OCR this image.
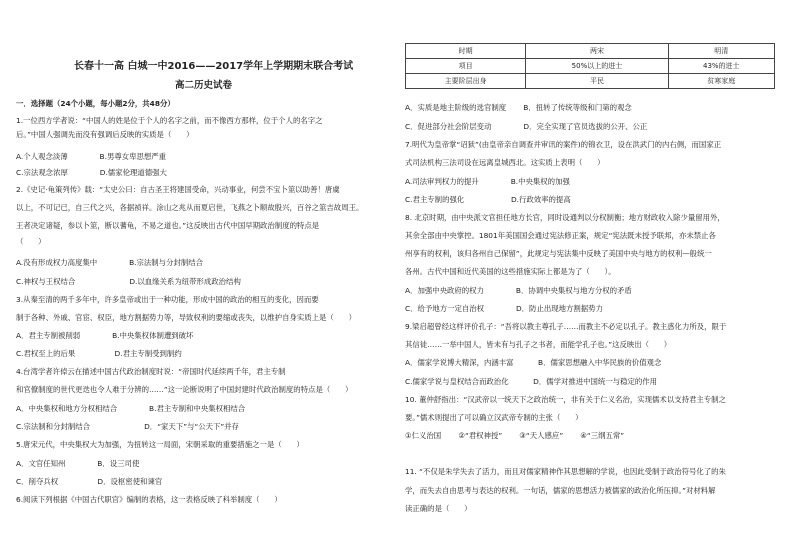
长春十一高 白城一中2016——2017学年上学期期末联合考试
高二历史试卷
一．选择题（24个小题，每小题2分，共48分）
1.一位西方学者说：“中国人的姓是位于个人的名字之前，而不像西方那样，位于个人的名字之
后。”中国人强调先而没有强调后反映的实质是（　　）
A.个人观念淡薄　　　　 B.男尊女卑思想严重
C.宗法观念浓厚　　　　 D.儒家伦理道德强大
2.《史记·龟策列传》载：“太史公曰：自古圣王将建国受命，兴动事业，何尝不宝卜筮以助善！唐虞
以上，不可记已，自三代之兴，各据祯祥。涂山之兆从而夏启世，飞燕之卜顺故殷兴，百谷之筮吉故周王。
王者决定诸疑，参以卜筮，断以蓍龟，不易之道也。”这反映出古代中国早期政治制度的特点是
（　　）
A.没有形成权力高度集中　　　　 B.宗法制与分封制结合
C.神权与王权结合　　　　　　　 D.以血缘关系为纽带形成政治结构
3.从秦至清的两千多年中，许多皇帝或出于一种功能，形成中国的政治的相互的变化，因而要
制于各种、外戚、官宦、权臣，地方割据势力等，导致权利的要缩或丧失，以维护自身实质上是（　　）
A．君主专制被削弱　　　　 B.中央集权体制遭到破坏
C.君权至上的后果　　　　　 D.君主专制受到制约
4.台湾学者许倬云在描述中国古代政治制度时说：“帝国时代延续两千年，君主专制
和官僚制度的世代更迭也令人难于分辨的……”这一论断说明了中国封建时代政治制度的特点是（　　）
A．中央集权和地方分权相结合　　　　 B.君主专制和中央集权相结合
C.宗法制和分封制结合　　　　　　　 D．“家天下”与“公天下”并存
5.唐宋元代，中央集权大为加强，为扭转这一局面，宋朝采取的重要措施之一是（　　）
A．文官任知州　　　　 B．设三司使
C．削夺兵权　　　　　 D．设枢密使和谏官
6.阅读下列根据《中国古代职官》编制的表格，这一表格反映了科举制度（　　）
时期	两宋	明清
项目	50%以上的进士	43%的进士
主要阶层出身	平民	贫寒家庭
A．实质是地主阶级的选官制度　　 B．扭转了传统等级和门第的观念
C．促进部分社会阶层变动　　　　 D．完全实现了官员选拔的公开、公正
7.明代为皇帝掌“诏狱”(由皇帝亲自调查并审讯的案件)的锦衣卫，设在洪武门的内右侧，而国家正
式司法机构三法司设在远离皇城西北。这实质上表明（　　）
A.司法审判权力的提升　　　　 B.中央集权的加强
C.君主专制的强化　　　　　　 D.行政效率的提高
8. 北京时期，由中央派文官担任地方长官，同时设通判以分权制衡；地方财政收入除少量留用外，
其余全部由中央掌控。1801年美国国会通过宪法修正案，规定“宪法既未授予联邦，亦未禁止各
州享有的权利，该归各州自己保留”，此规定与宪法集中反映了美国中央与地方的权利—般统一
各州。古代中国和近代美国的这些措施实际上都是为了（　　）。
A．加强中央政府的权力　　　　 B．协调中央集权与地方分权的矛盾
C．给予地方一定自治权　　　　 D．防止出现地方割据势力
9.梁启超曾经这样评价孔子：“吾将以教主尊孔子……而教主不必定以孔子。教主惑化力所及，限于
其信徒……一举中国人，皆未有与孔子之书者，而能学孔子也。”这反映出（　　）
A．儒家学说博大精深，内涵丰富　　　 B．儒家思想融入中华民族的价值观念
C.儒家学说与皇权结合而政治化　　　 D．儒学对推进中国统一与稳定的作用
10. 董仲舒指出：“汉武帝以一统天下之政治统一，非有关于仁义名治，实现儒术以支持君主专制之
要。”儒术则提出了可以确立汉武帝专制的主张（　　）
①仁义治国　　 ②“君权神授”　　 ③“天人感应”　　 ④“三纲五常”
11. “不仅是朱学失去了活力，而且对儒家精神作其思想解的学说，也因此受制于政治符号化了的朱
学，而失去自由思考与表达的权利。一句话，儒家的思想活力被儒家的政治化所压抑。”对材料解
读正确的是（　　）
